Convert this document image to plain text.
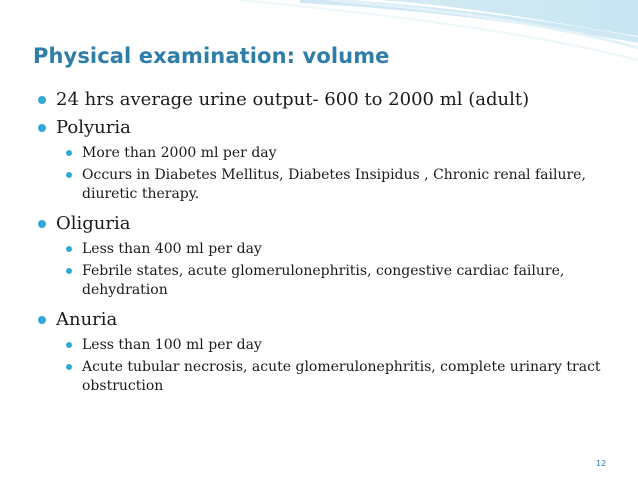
Physical examination: volume
24 hrs average urine output- 600 to 2000 ml (adult)
Polyuria
More than 2000 ml per day
Occurs in Diabetes Mellitus, Diabetes Insipidus , Chronic renal failure, diuretic therapy.
Oliguria
Less than 400 ml per day
Febrile states, acute glomerulonephritis, congestive cardiac failure, dehydration
Anuria
Less than 100 ml per day
Acute tubular necrosis, acute glomerulonephritis, complete urinary tract obstruction
12
